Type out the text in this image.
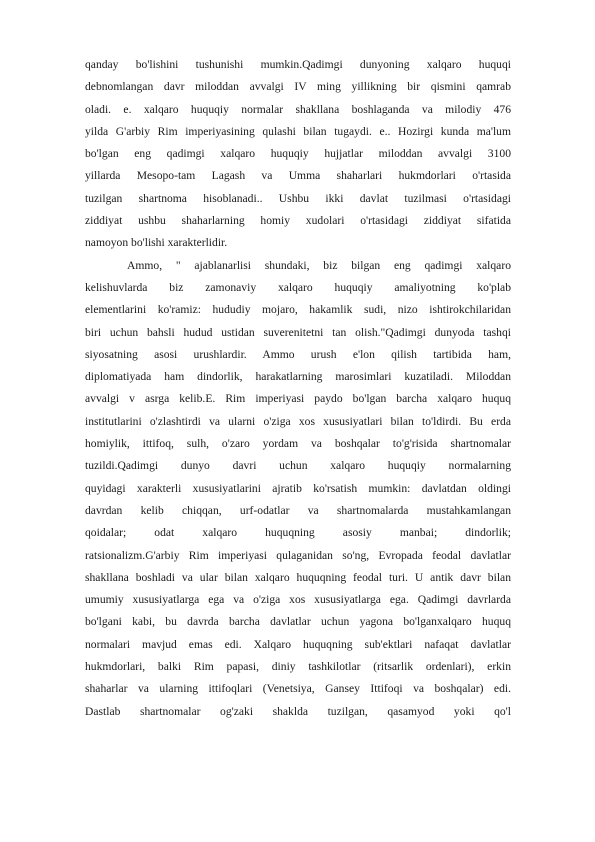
qanday bo'lishini tushunishi mumkin.Qadimgi dunyoning xalqaro huquqi
debnomlangan davr miloddan avvalgi IV ming yillikning bir qismini qamrab
oladi. e. xalqaro huquqiy normalar shakllana boshlaganda va milodiy 476
yilda G'arbiy Rim imperiyasining qulashi bilan tugaydi. e.. Hozirgi kunda ma'lum
bo'lgan eng qadimgi xalqaro huquqiy hujjatlar miloddan avvalgi 3100
yillarda Mesopo-tam Lagash va Umma shaharlari hukmdorlari o'rtasida
tuzilgan shartnoma hisoblanadi.. Ushbu ikki davlat tuzilmasi o'rtasidagi
ziddiyat ushbu shaharlarning homiy xudolari o'rtasidagi ziddiyat sifatida
namoyon bo'lishi xarakterlidir.
Ammo, " ajablanarlisi shundaki, biz bilgan eng qadimgi xalqaro
kelishuvlarda biz zamonaviy xalqaro huquqiy amaliyotning ko'plab
elementlarini ko'ramiz: hududiy mojaro, hakamlik sudi, nizo ishtirokchilaridan
biri uchun bahsli hudud ustidan suverenitetni tan olish."Qadimgi dunyoda tashqi
siyosatning asosi urushlardir. Ammo urush e'lon qilish tartibida ham,
diplomatiyada ham dindorlik, harakatlarning marosimlari kuzatiladi. Miloddan
avvalgi v asrga kelib.E. Rim imperiyasi paydo bo'lgan barcha xalqaro huquq
institutlarini o'zlashtirdi va ularni o'ziga xos xususiyatlari bilan to'ldirdi. Bu erda
homiylik, ittifoq, sulh, o'zaro yordam va boshqalar to'g'risida shartnomalar
tuzildi.Qadimgi dunyo davri uchun xalqaro huquqiy normalarning
quyidagi xarakterli xususiyatlarini ajratib ko'rsatish mumkin: davlatdan oldingi
davrdan kelib chiqqan, urf-odatlar va shartnomalarda mustahkamlangan
qoidalar; odat xalqaro huquqning asosiy manbai; dindorlik;
ratsionalizm.G'arbiy Rim imperiyasi qulaganidan so'ng, Evropada feodal davlatlar
shakllana boshladi va ular bilan xalqaro huquqning feodal turi. U antik davr bilan
umumiy xususiyatlarga ega va o'ziga xos xususiyatlarga ega. Qadimgi davrlarda
bo'lgani kabi, bu davrda barcha davlatlar uchun yagona bo'lganxalqaro huquq
normalari mavjud emas edi. Xalqaro huquqning sub'ektlari nafaqat davlatlar
hukmdorlari, balki Rim papasi, diniy tashkilotlar (ritsarlik ordenlari), erkin
shaharlar va ularning ittifoqlari (Venetsiya, Gansey Ittifoqi va boshqalar) edi.
Dastlab shartnomalar og'zaki shaklda tuzilgan, qasamyod yoki qo'l
